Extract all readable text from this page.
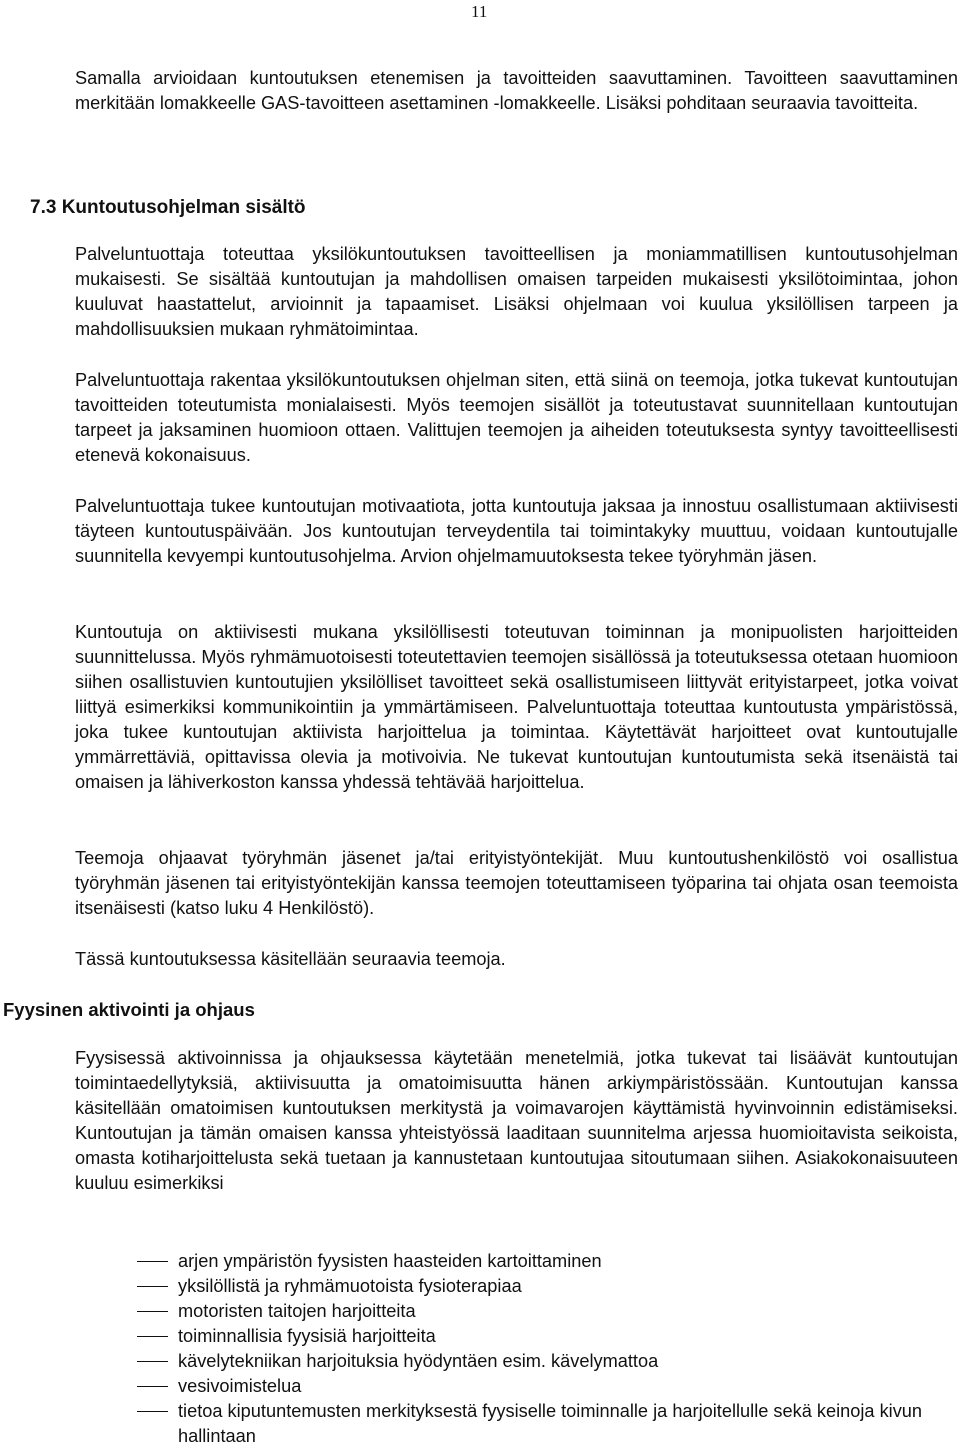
11

Samalla arvioidaan kuntoutuksen etenemisen ja tavoitteiden saavuttaminen. Tavoitteen saavuttaminen merkitään lomakkeelle GAS-tavoitteen asettaminen -lomakkeelle. Lisäksi pohditaan seuraavia tavoitteita.

Palveluntuottaja toteuttaa yksilökuntoutuksen tavoitteellisen ja moniammatillisen kuntoutusohjelman mukaisesti. Se sisältää kuntoutujan ja mahdollisen omaisen tarpeiden mukaisesti yksilötoimintaa, johon kuuluvat haastattelut, arvioinnit ja tapaamiset. Lisäksi ohjelmaan voi kuulua yksilöllisen tarpeen ja mahdollisuuksien mukaan ryhmätoimintaa.

Palveluntuottaja rakentaa yksilökuntoutuksen ohjelman siten, että siinä on teemoja, jotka tukevat kuntoutujan tavoitteiden toteutumista monialaisesti. Myös teemojen sisällöt ja toteutustavat suunnitellaan kuntoutujan tarpeet ja jaksaminen huomioon ottaen. Valittujen teemojen ja aiheiden toteutuksesta syntyy tavoitteellisesti etenevä kokonaisuus.

Palveluntuottaja tukee kuntoutujan motivaatiota, jotta kuntoutuja jaksaa ja innostuu osallistumaan aktiivisesti täyteen kuntoutuspäivään. Jos kuntoutujan terveydentila tai toimintakyky muuttuu, voidaan kuntoutujalle suunnitella kevyempi kuntoutusohjelma. Arvion ohjelmamuutoksesta tekee työryhmän jäsen.

Kuntoutuja on aktiivisesti mukana yksilöllisesti toteutuvan toiminnan ja monipuolisten harjoitteiden suunnittelussa. Myös ryhmämuotoisesti toteutettavien teemojen sisällössä ja toteutuksessa otetaan huomioon siihen osallistuvien kuntoutujien yksilölliset tavoitteet sekä osallistumiseen liittyvät erityistarpeet, jotka voivat liittyä esimerkiksi kommunikointiin ja ymmärtämiseen. Palveluntuottaja toteuttaa kuntoutusta ympäristössä, joka tukee kuntoutujan aktiivista harjoittelua ja toimintaa. Käytettävät harjoitteet ovat kuntoutujalle ymmärrettäviä, opittavissa olevia ja motivoivia. Ne tukevat kuntoutujan kuntoutumista sekä itsenäistä tai omaisen ja lähiverkoston kanssa yhdessä tehtävää harjoittelua.

Teemoja ohjaavat työryhmän jäsenet ja/tai erityistyöntekijät. Muu kuntoutushenkilöstö voi osallistua työryhmän jäsenen tai erityistyöntekijän kanssa teemojen toteuttamiseen työparina tai ohjata osan teemoista itsenäisesti (katso luku 4 Henkilöstö).

Tässä kuntoutuksessa käsitellään seuraavia teemoja.

Fyysisessä aktivoinnissa ja ohjauksessa käytetään menetelmiä, jotka tukevat tai lisäävät kuntoutujan toimintaedellytyksiä, aktiivisuutta ja omatoimisuutta hänen arkiympäristössään. Kuntoutujan kanssa käsitellään omatoimisen kuntoutuksen merkitystä ja voimavarojen käyttämistä hyvinvoinnin edistämiseksi. Kuntoutujan ja tämän omaisen kanssa yhteistyössä laaditaan suunnitelma arjessa huomioitavista seikoista, omasta kotiharjoittelusta sekä tuetaan ja kannustetaan kuntoutujaa sitoutumaan siihen. Asiakokonaisuuteen kuuluu esimerkiksi

arjen ympäristön fyysisten haasteiden kartoittaminen
yksilöllistä ja ryhmämuotoista fysioterapiaa
motoristen taitojen harjoitteita
toiminnallisia fyysisiä harjoitteita
kävelytekniikan harjoituksia hyödyntäen esim. kävelymattoa
vesivoimistelua
tietoa kiputuntemusten merkityksestä fyysiselle toiminnalle ja harjoitellulle sekä keinoja kivun hallintaan
7.3 Kuntoutusohjelman sisältö
Fyysinen aktivointi ja ohjaus
